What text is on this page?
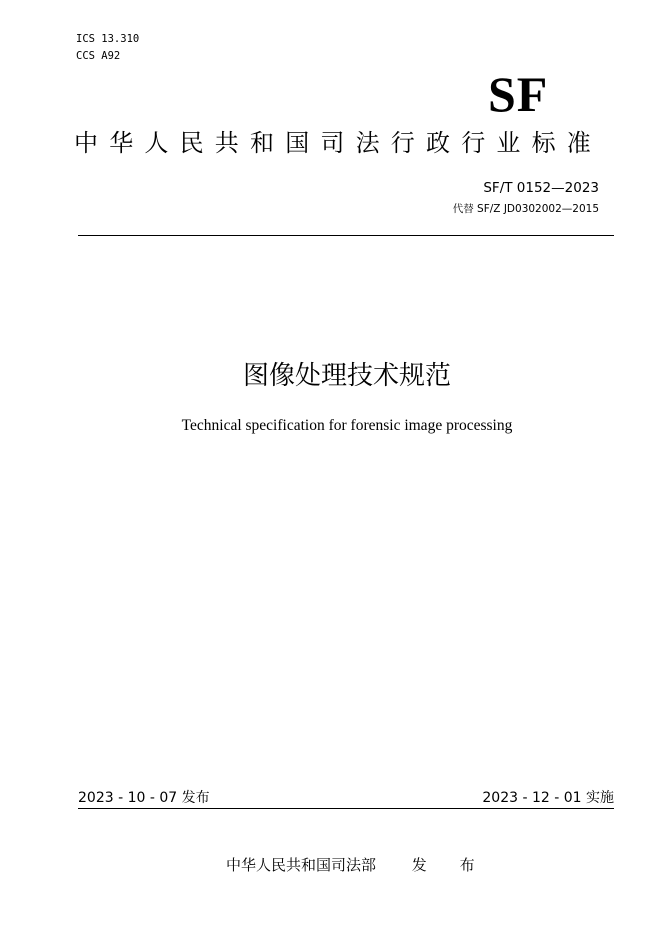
ICS 13.310
CCS A92
SF
中华人民共和国司法行政行业标准
SF/T 0152—2023
代替 SF/Z JD0302002—2015
图像处理技术规范
Technical specification for forensic image processing
2023 - 10 - 07 发布	2023 - 12 - 01 实施
中华人民共和国司法部 发 布
